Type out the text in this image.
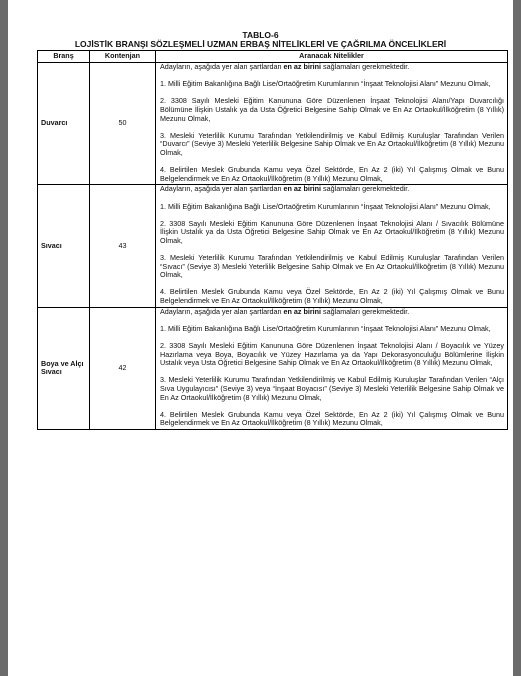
TABLO-6
LOJİSTİK BRANŞI SÖZLEŞMELİ UZMAN ERBAŞ NİTELİKLERİ VE ÇAĞRILMA ÖNCELİKLERİ
Branş	Kontenjan	Aranacak Nitelikler
Duvarcı	50	Adayların, aşağıda yer alan şartlardan en az birini sağlamaları gerekmektedir.

1. Milli Eğitim Bakanlığına Bağlı Lise/Ortaöğretim Kurumlarının “İnşaat Teknolojisi Alanı” Mezunu Olmak,

2. 3308 Sayılı Mesleki Eğitim Kanununa Göre Düzenlenen İnşaat Teknolojisi Alanı/Yapı Duvarcılığı Bölümüne İlişkin Ustalık ya da Usta Öğretici Belgesine Sahip Olmak ve En Az Ortaokul/İlköğretim (8 Yıllık) Mezunu Olmak,

3. Mesleki Yeterlilik Kurumu Tarafından Yetkilendirilmiş ve Kabul Edilmiş Kuruluşlar Tarafından Verilen “Duvarcı” (Seviye 3) Mesleki Yeterlilik Belgesine Sahip Olmak ve En Az Ortaokul/İlköğretim (8 Yıllık) Mezunu Olmak,

4. Belirtilen Meslek Grubunda Kamu veya Özel Sektörde, En Az 2 (iki) Yıl Çalışmış Olmak ve Bunu Belgelendirmek ve En Az Ortaokul/İlköğretim (8 Yıllık) Mezunu Olmak,

Sıvacı	43	Adayların, aşağıda yer alan şartlardan en az birini sağlamaları gerekmektedir.

1. Milli Eğitim Bakanlığına Bağlı Lise/Ortaöğretim Kurumlarının “İnşaat Teknolojisi Alanı” Mezunu Olmak,

2. 3308 Sayılı Mesleki Eğitim Kanununa Göre Düzenlenen İnşaat Teknolojisi Alanı / Sıvacılık Bölümüne İlişkin Ustalık ya da Usta Öğretici Belgesine Sahip Olmak ve En Az Ortaokul/İlköğretim (8 Yıllık) Mezunu Olmak,

3. Mesleki Yeterlilik Kurumu Tarafından Yetkilendirilmiş ve Kabul Edilmiş Kuruluşlar Tarafından Verilen “Sıvacı” (Seviye 3) Mesleki Yeterlilik Belgesine Sahip Olmak ve En Az Ortaokul/İlköğretim (8 Yıllık) Mezunu Olmak,

4. Belirtilen Meslek Grubunda Kamu veya Özel Sektörde, En Az 2 (iki) Yıl Çalışmış Olmak ve Bunu Belgelendirmek ve En Az Ortaokul/İlköğretim (8 Yıllık) Mezunu Olmak,

Boya ve Alçı Sıvacı	42	Adayların, aşağıda yer alan şartlardan en az birini sağlamaları gerekmektedir.

1. Milli Eğitim Bakanlığına Bağlı Lise/Ortaöğretim Kurumlarının “İnşaat Teknolojisi Alanı” Mezunu Olmak,

2. 3308 Sayılı Mesleki Eğitim Kanununa Göre Düzenlenen İnşaat Teknolojisi Alanı / Boyacılık ve Yüzey Hazırlama veya Boya, Boyacılık ve Yüzey Hazırlama ya da Yapı Dekorasyonculuğu Bölümlerine İlişkin Ustalık veya Usta Öğretici Belgesine Sahip Olmak ve En Az Ortaokul/İlköğretim (8 Yıllık) Mezunu Olmak,

3. Mesleki Yeterlilik Kurumu Tarafından Yetkilendirilmiş ve Kabul Edilmiş Kuruluşlar Tarafından Verilen “Alçı Sıva Uygulayıcısı” (Seviye 3) veya “İnşaat Boyacısı” (Seviye 3) Mesleki Yeterlilik Belgesine Sahip Olmak ve En Az Ortaokul/İlköğretim (8 Yıllık) Mezunu Olmak,

4. Belirtilen Meslek Grubunda Kamu veya Özel Sektörde, En Az 2 (iki) Yıl Çalışmış Olmak ve Bunu Belgelendirmek ve En Az Ortaokul/İlköğretim (8 Yıllık) Mezunu Olmak,
